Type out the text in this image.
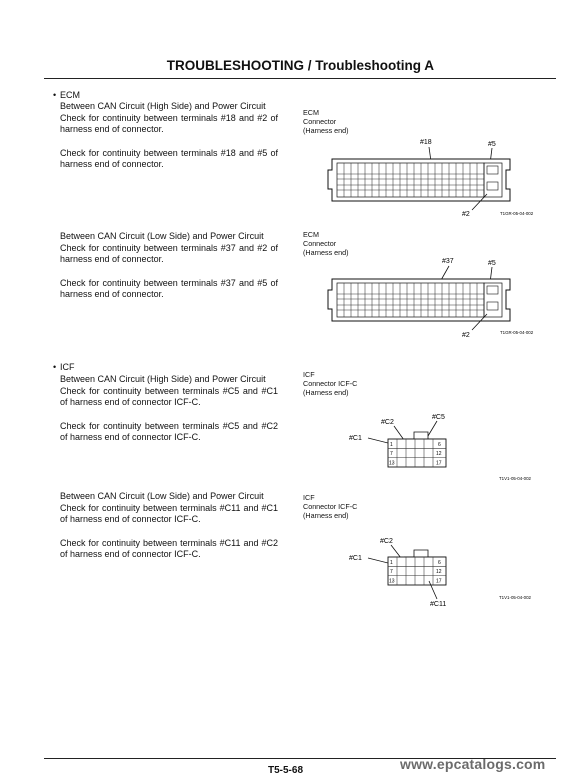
TROUBLESHOOTING / Troubleshooting A
• ECM

Between CAN Circuit (High Side) and Power Circuit

Check for continuity between terminals #18 and #2 of harness end of connector.

Check for continuity between terminals #18 and #5 of harness end of connector.

ECM
Connector
(Harness end)
#18	#5
#2	T1GR-05-04-002

Between CAN Circuit (Low Side) and Power Circuit

Check for continuity between terminals #37 and #2 of harness end of connector.

Check for continuity between terminals #37 and #5 of harness end of connector.

ECM
Connector
(Harness end)
#37	#5
#2	T1GR-05-04-002
• ICF

Between CAN Circuit (High Side) and Power Circuit

Check for continuity between terminals #C5 and #C1 of harness end of connector ICF-C.

Check for continuity between terminals #C5 and #C2 of harness end of connector ICF-C.

ICF
Connector ICF-C
(Harness end)
#C2
#C5
#C1
1	6
7	12
13	17
T1V1-05-04-002

Between CAN Circuit (Low Side) and Power Circuit

Check for continuity between terminals #C11 and #C1 of harness end of connector ICF-C.

Check for continuity between terminals #C11 and #C2 of harness end of connector ICF-C.

ICF
Connector ICF-C
(Harness end)
#C2
#C1
1	6
7	12
13	17
#C11
T1V1-05-04-002
www.epcatalogs.com
T5-5-68
